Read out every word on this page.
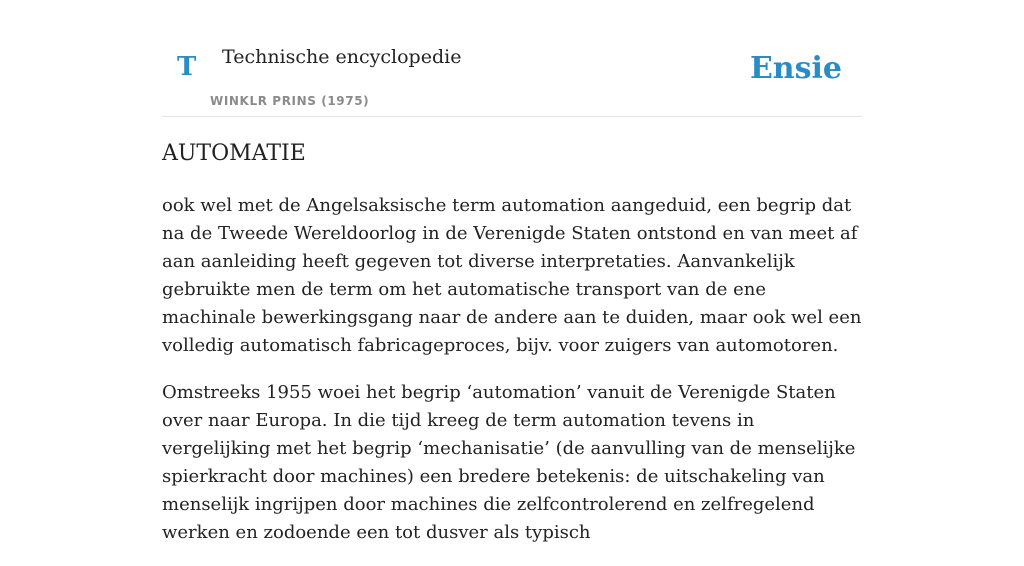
T Technische encyclopedie
WINKLR PRINS (1975)
Ensie
AUTOMATIE

ook wel met de Angelsaksische term automation aangeduid, een begrip dat na de Tweede Wereldoorlog in de Verenigde Staten ontstond en van meet af aan aanleiding heeft gegeven tot diverse interpretaties. Aanvankelijk gebruikte men de term om het automatische transport van de ene machinale bewerkingsgang naar de andere aan te duiden, maar ook wel een volledig automatisch fabricageproces, bijv. voor zuigers van automotoren.

Omstreeks 1955 woei het begrip ‘automation’ vanuit de Verenigde Staten over naar Europa. In die tijd kreeg de term automation tevens in vergelijking met het begrip ‘mechanisatie’ (de aanvulling van de menselijke spierkracht door machines) een bredere betekenis: de uitschakeling van menselijk ingrijpen door machines die zelfcontrolerend en zelfregelend werken en zodoende een tot dusver als typisch
